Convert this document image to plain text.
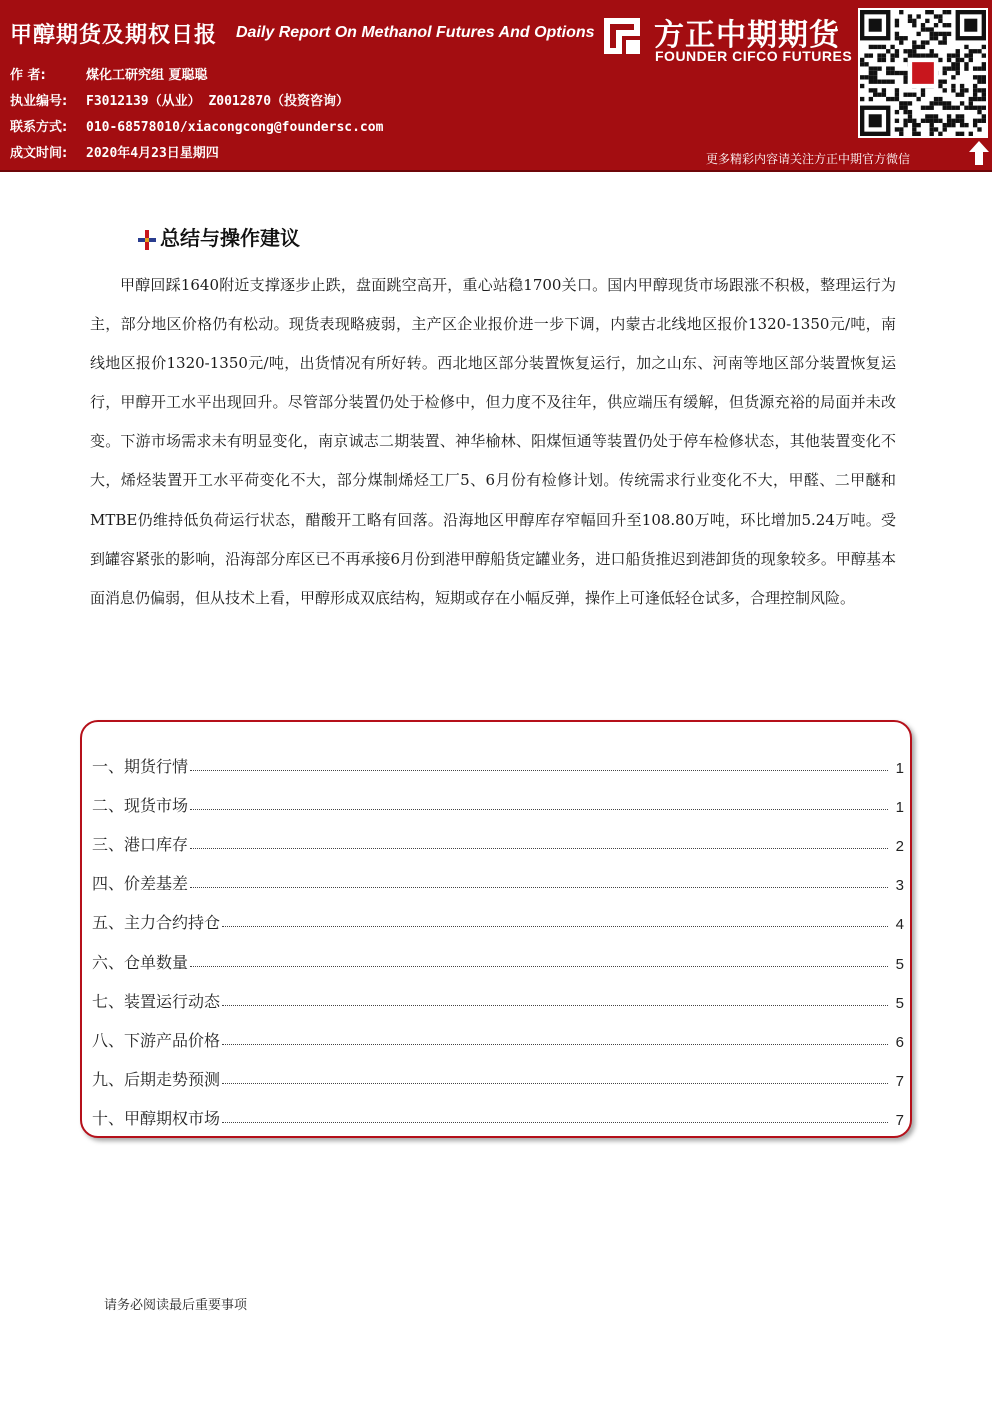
甲醇期货及期权日报 Daily Report On Methanol Futures And Options
作 者:	煤化工研究组 夏聪聪
执业编号: F3012139（从业） Z0012870（投资咨询）
联系方式: 010-68578010/xiacongcong@foundersc.com
成文时间: 2020年4月23日星期四
方正中期期货
FOUNDER CIFCO FUTURES
更多精彩内容请关注方正中期官方微信
总结与操作建议

甲醇回踩1640附近支撑逐步止跌，盘面跳空高开，重心站稳1700关口。国内甲醇现货市场跟涨不积极，整理运行为主，部分地区价格仍有松动。现货表现略疲弱，主产区企业报价进一步下调，内蒙古北线地区报价1320-1350元/吨，南线地区报价1320-1350元/吨，出货情况有所好转。西北地区部分装置恢复运行，加之山东、河南等地区部分装置恢复运行，甲醇开工水平出现回升。尽管部分装置仍处于检修中，但力度不及往年，供应端压有缓解，但货源充裕的局面并未改变。下游市场需求未有明显变化，南京诚志二期装置、神华榆林、阳煤恒通等装置仍处于停车检修状态，其他装置变化不大，烯烃装置开工水平荷变化不大，部分煤制烯烃工厂5、6月份有检修计划。传统需求行业变化不大，甲醛、二甲醚和MTBE仍维持低负荷运行状态，醋酸开工略有回落。沿海地区甲醇库存窄幅回升至108.80万吨，环比增加5.24万吨。受到罐容紧张的影响，沿海部分库区已不再承接6月份到港甲醇船货定罐业务，进口船货推迟到港卸货的现象较多。甲醇基本面消息仍偏弱，但从技术上看，甲醇形成双底结构，短期或存在小幅反弹，操作上可逢低轻仓试多，合理控制风险。

一、期货行情	1
二、现货市场	1
三、港口库存	2
四、价差基差	3
五、主力合约持仓	4
六、仓单数量	5
七、装置运行动态	5
八、下游产品价格	6
九、后期走势预测	7
十、甲醇期权市场	7
请务必阅读最后重要事项
